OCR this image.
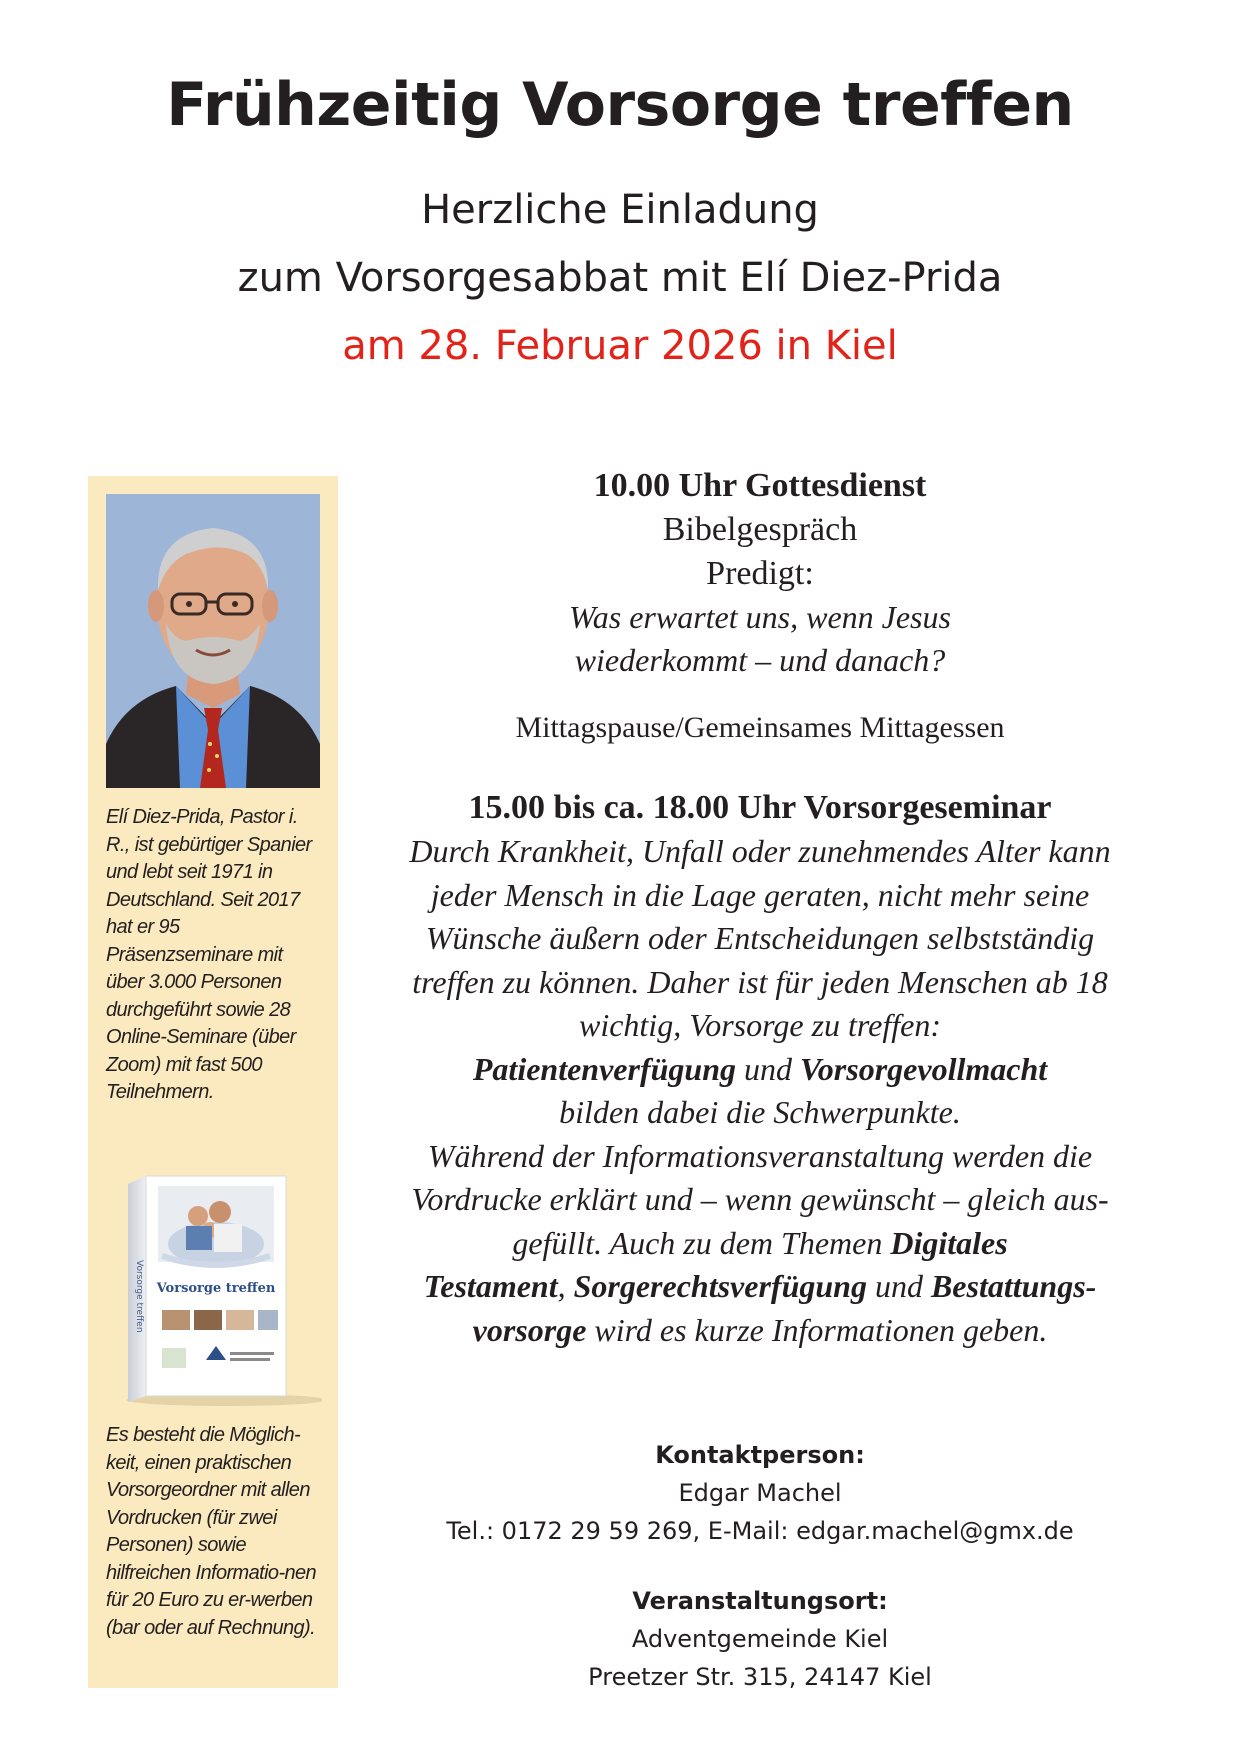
Frühzeitig Vorsorge treffen

Herzliche Einladung

zum Vorsorgesabbat mit Elí Diez-Prida

am 28. Februar 2026 in Kiel

Elí Diez-Prida, Pastor i. R., ist gebürtiger Spanier und lebt seit 1971 in Deutschland. Seit 2017 hat er 95 Präsenzseminare mit über 3.000 Personen durchgeführt sowie 28 Online-Seminare (über Zoom) mit fast 500 Teilnehmern.

Vorsorge treffen Vorsorge treffen

Es besteht die Möglich-keit, einen praktischen Vorsorgeordner mit allen Vordrucken (für zwei Personen) sowie hilfreichen Informatio-nen für 20 Euro zu er-werben (bar oder auf Rechnung).

10.00 Uhr Gottesdienst

Bibelgespräch

Predigt:

Was erwartet uns, wenn Jesus

wiederkommt – und danach?

Mittagspause/Gemeinsames Mittagessen

15.00 bis ca. 18.00 Uhr Vorsorgeseminar

Durch Krankheit, Unfall oder zunehmendes Alter kann

jeder Mensch in die Lage geraten, nicht mehr seine

Wünsche äußern oder Entscheidungen selbstständig

treffen zu können. Daher ist für jeden Menschen ab 18

wichtig, Vorsorge zu treffen:

Patientenverfügung und Vorsorgevollmacht

bilden dabei die Schwerpunkte.

Während der Informationsveranstaltung werden die

Vordrucke erklärt und – wenn gewünscht – gleich aus-

gefüllt. Auch zu dem Themen Digitales

Testament, Sorgerechtsverfügung und Bestattungs-

vorsorge wird es kurze Informationen geben.

Kontaktperson:

Edgar Machel

Tel.: 0172 29 59 269, E-Mail: edgar.machel@gmx.de

Veranstaltungsort:

Adventgemeinde Kiel

Preetzer Str. 315, 24147 Kiel
